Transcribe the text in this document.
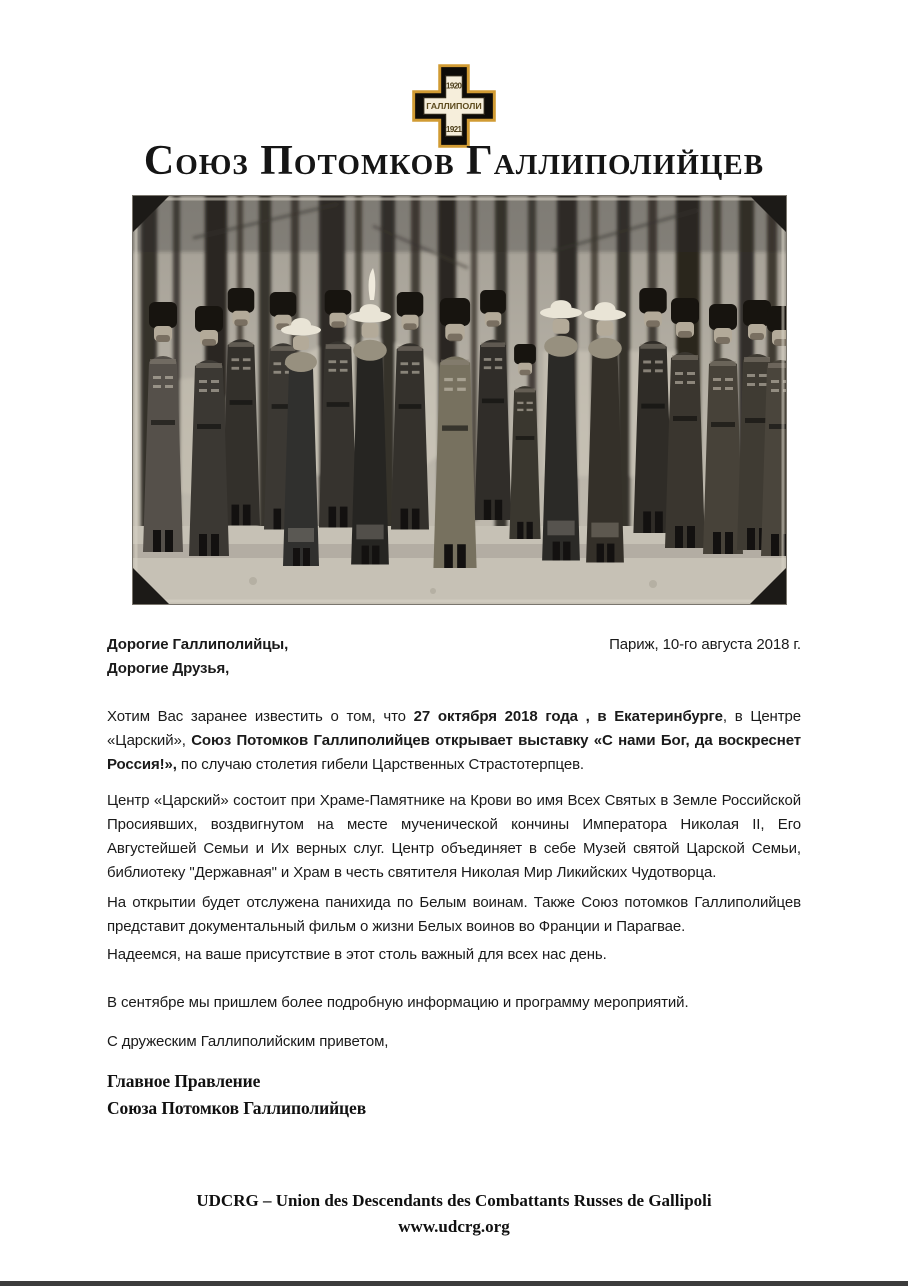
1920
ГАЛЛИПОЛИ
1921
Союз Потомков Галлиполийцев
Дорогие Галлиполийцы,	Париж, 10-го августа 2018 г.
Дорогие Друзья,

Хотим Вас заранее известить о том, что 27 октября 2018 года , в Екатеринбурге, в Центре «Царский», Союз Потомков Галлиполийцев открывает выставку «С нами Бог, да воскреснет Россия!», по случаю столетия гибели Царственных Страстотерпцев.

Центр «Царский» состоит при Храме-Памятнике на Крови во имя Всех Святых в Земле Российской Просиявших, воздвигнутом на месте мученической кончины Императора Николая II, Его Августейшей Семьи и Их верных слуг. Центр объединяет в себе Музей святой Царской Семьи, библиотеку "Державная" и Храм в честь святителя Николая Мир Ликийских Чудотворца.

На открытии будет отслужена панихида по Белым воинам. Также Союз потомков Галлиполийцев представит документальный фильм о жизни Белых воинов во Франции и Парагвае.

Надеемся, на ваше присутствие в этот столь важный для всех нас день.

В сентябре мы пришлем более подробную информацию и программу мероприятий.

С дружеским Галлиполийским приветом,
Главное Правление
Союза Потомков Галлиполийцев
UDCRG – Union des Descendants des Combattants Russes de Gallipoli
www.udcrg.org
